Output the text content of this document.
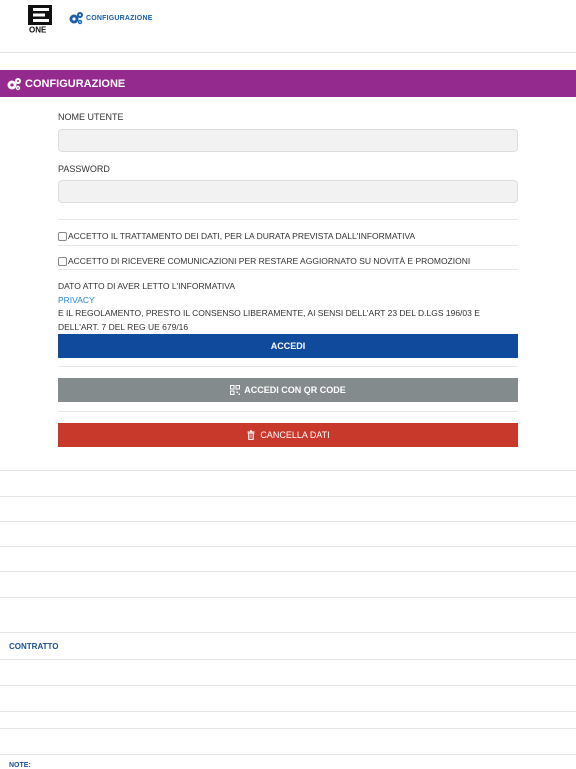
ONE
CONFIGURAZIONE
CONFIGURAZIONE
NOME UTENTE
PASSWORD
ACCETTO IL TRATTAMENTO DEI DATI, PER LA DURATA PREVISTA DALL'INFORMATIVA
ACCETTO DI RICEVERE COMUNICAZIONI PER RESTARE AGGIORNATO SU NOVITÀ E PROMOZIONI
DATO ATTO DI AVER LETTO L'INFORMATIVA
PRIVACY
E IL REGOLAMENTO, PRESTO IL CONSENSO LIBERAMENTE, AI SENSI DELL'ART 23 DEL D.LGS 196/03 E DELL'ART. 7 DEL REG UE 679/16
ACCEDI
ACCEDI CON QR CODE
CANCELLA DATI
CONTRATTO
NOTE:
